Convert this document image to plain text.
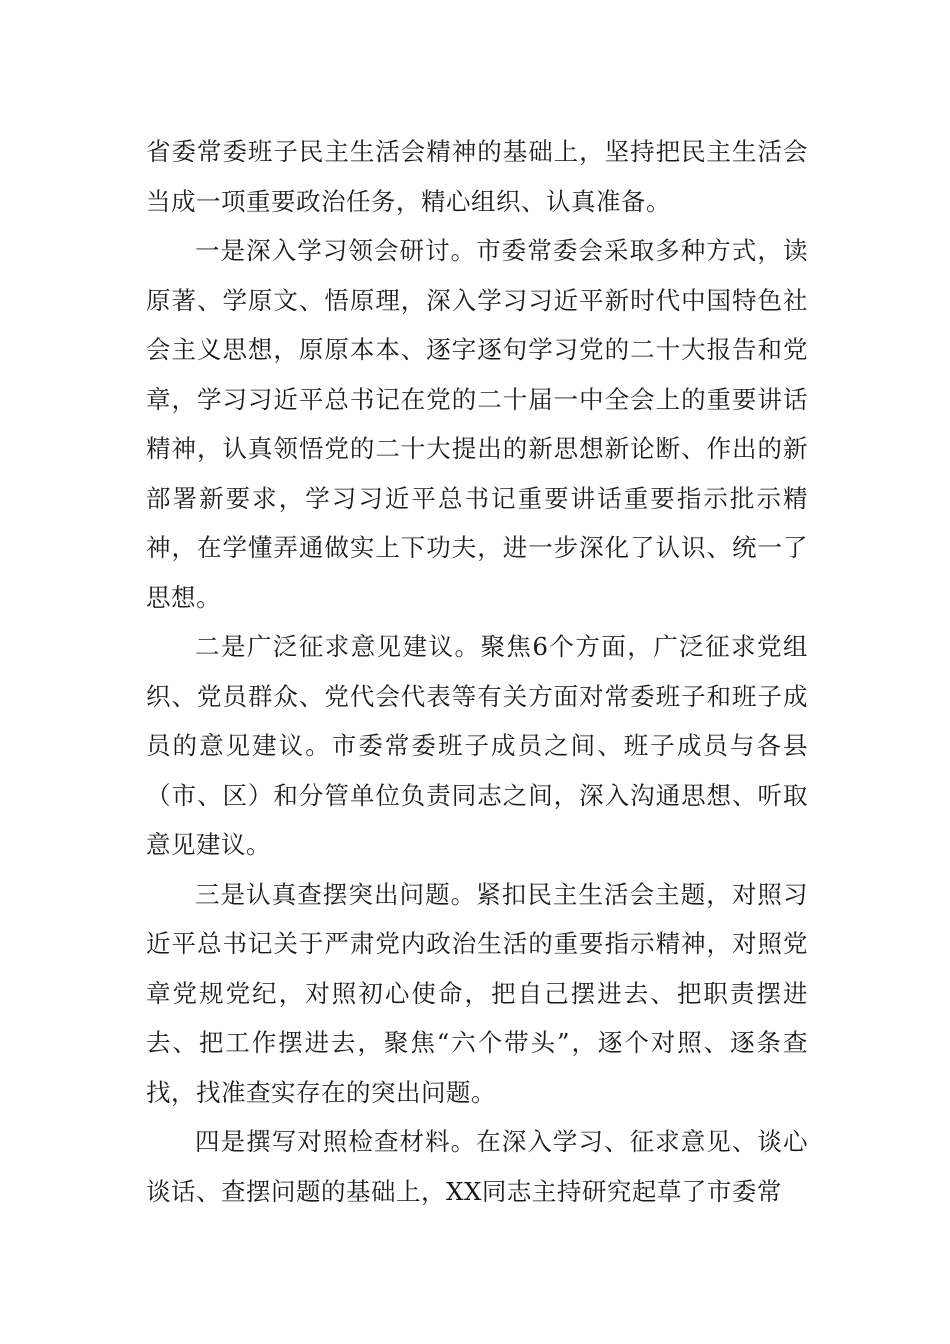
省委常委班子民主生活会精神的基础上，坚持把民主生活会当成一项重要政治任务，精心组织、认真准备。

一是深入学习领会研讨。市委常委会采取多种方式，读原著、学原文、悟原理，深入学习习近平新时代中国特色社会主义思想，原原本本、逐字逐句学习党的二十大报告和党章，学习习近平总书记在党的二十届一中全会上的重要讲话精神，认真领悟党的二十大提出的新思想新论断、作出的新部署新要求，学习习近平总书记重要讲话重要指示批示精神，在学懂弄通做实上下功夫，进一步深化了认识、统一了思想。

二是广泛征求意见建议。聚焦6个方面，广泛征求党组织、党员群众、党代会代表等有关方面对常委班子和班子成员的意见建议。市委常委班子成员之间、班子成员与各县（市、区）和分管单位负责同志之间，深入沟通思想、听取意见建议。

三是认真查摆突出问题。紧扣民主生活会主题，对照习近平总书记关于严肃党内政治生活的重要指示精神，对照党章党规党纪，对照初心使命，把自己摆进去、把职责摆进去、把工作摆进去，聚焦“六个带头”，逐个对照、逐条查找，找准查实存在的突出问题。

四是撰写对照检查材料。在深入学习、征求意见、谈心谈话、查摆问题的基础上，XX同志主持研究起草了市委常
